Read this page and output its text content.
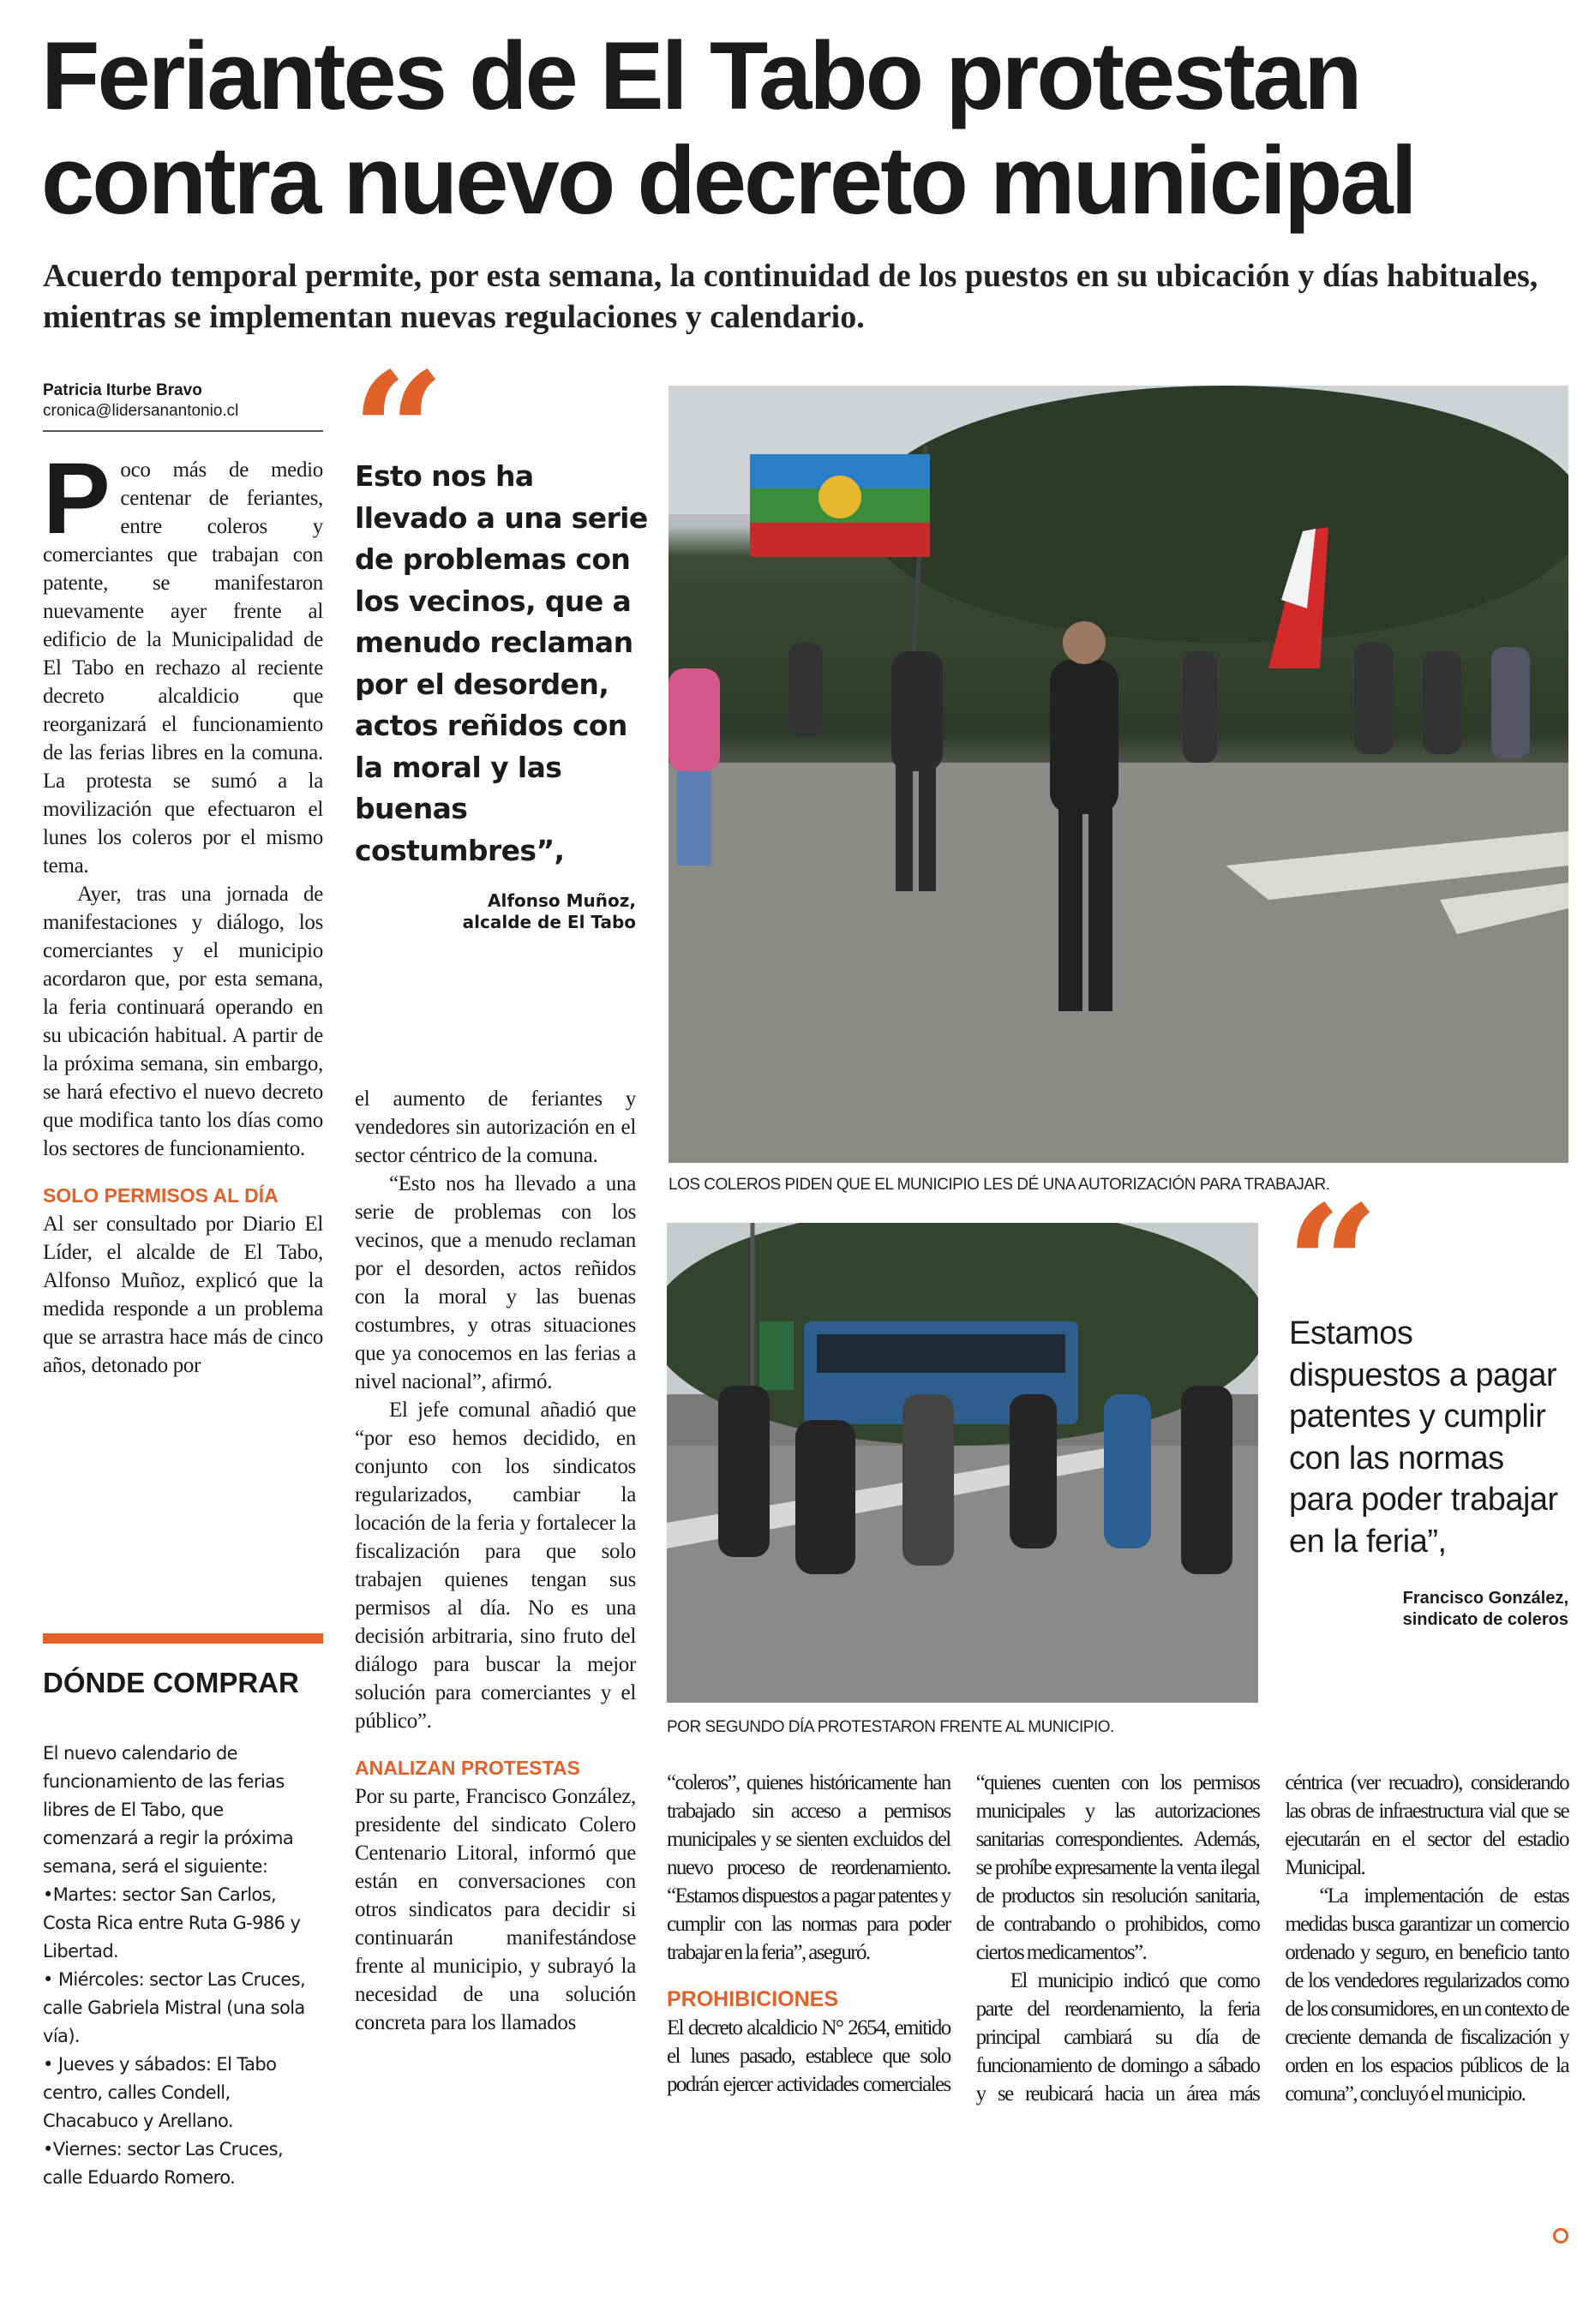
Feriantes de El Tabo protestan
contra nuevo decreto municipal
Acuerdo temporal permite, por esta semana, la continuidad de los puestos en su ubicación y días habituales, mientras se implementan nuevas regulaciones y calendario.
Patricia Iturbe Bravo
cronica@lidersanantonio.cl

Poco más de medio centenar de feriantes, entre coleros y comerciantes que trabajan con patente, se manifestaron nuevamente ayer frente al edificio de la Municipalidad de El Tabo en rechazo al reciente decreto alcaldicio que reorganizará el funcionamiento de las ferias libres en la comuna. La protesta se sumó a la movilización que efectuaron el lunes los coleros por el mismo tema.

Ayer, tras una jornada de manifestaciones y diálogo, los comerciantes y el municipio acordaron que, por esta semana, la feria continuará operando en su ubicación habitual. A partir de la próxima semana, sin embargo, se hará efectivo el nuevo decreto que modifica tanto los días como los sectores de funcionamiento.

SOLO PERMISOS AL DÍA

Al ser consultado por Diario El Líder, el alcalde de El Tabo, Alfonso Muñoz, explicó que la medida responde a un problema que se arrastra hace más de cinco años, detonado por

Esto nos ha llevado a una serie de problemas con los vecinos, que a menudo reclaman por el desorden, actos reñidos con la moral y las buenas costumbres”,
Alfonso Muñoz,
alcalde de El Tabo

el aumento de feriantes y vendedores sin autorización en el sector céntrico de la comuna.

“Esto nos ha llevado a una serie de problemas con los vecinos, que a menudo reclaman por el desorden, actos reñidos con la moral y las buenas costumbres, y otras situaciones que ya conocemos en las ferias a nivel nacional”, afirmó.

El jefe comunal añadió que “por eso hemos decidido, en conjunto con los sindicatos regularizados, cambiar la locación de la feria y fortalecer la fiscalización para que solo trabajen quienes tengan sus permisos al día. No es una decisión arbitraria, sino fruto del diálogo para buscar la mejor solución para comerciantes y el público”.

ANALIZAN PROTESTAS

Por su parte, Francisco González, presidente del sindicato Colero Centenario Litoral, informó que están en conversaciones con otros sindicatos para decidir si continuarán manifestándose frente al municipio, y subrayó la necesidad de una solución concreta para los llamados

LOS COLEROS PIDEN QUE EL MUNICIPIO LES DÉ UNA AUTORIZACIÓN PARA TRABAJAR.
POR SEGUNDO DÍA PROTESTARON FRENTE AL MUNICIPIO.
Estamos dispuestos a pagar patentes y cumplir con las normas para poder trabajar en la feria”,
Francisco González,
sindicato de coleros

“coleros”, quienes históricamente han trabajado sin acceso a permisos municipales y se sienten excluidos del nuevo proceso de reordenamiento. “Estamos dispuestos a pagar patentes y cumplir con las normas para poder trabajar en la feria”, aseguró.

PROHIBICIONES

El decreto alcaldicio N° 2654, emitido el lunes pasado, establece que solo podrán ejercer actividades comerciales “quienes cuenten con los permisos municipales y las autorizaciones sanitarias correspondientes. Además, se prohíbe expresamente la venta ilegal de productos sin resolución sanitaria, de contrabando o prohibidos, como ciertos medicamentos”.

El municipio indicó que como parte del reordenamiento, la feria principal cambiará su día de funcionamiento de domingo a sábado y se reubicará hacia un área más céntrica (ver recuadro), considerando las obras de infraestructura vial que se ejecutarán en el sector del estadio Municipal.

“La implementación de estas medidas busca garantizar un comercio ordenado y seguro, en beneficio tanto de los vendedores regularizados como de los consumidores, en un contexto de creciente demanda de fiscalización y orden en los espacios públicos de la comuna”, concluyó el municipio.

DÓNDE COMPRAR
El nuevo calendario de funcionamiento de las ferias libres de El Tabo, que comenzará a regir la próxima semana, será el siguiente:
•Martes: sector San Carlos, Costa Rica entre Ruta G-986 y Libertad.
• Miércoles: sector Las Cruces, calle Gabriela Mistral (una sola vía).
• Jueves y sábados: El Tabo centro, calles Condell, Chacabuco y Arellano.
•Viernes: sector Las Cruces, calle Eduardo Romero.
